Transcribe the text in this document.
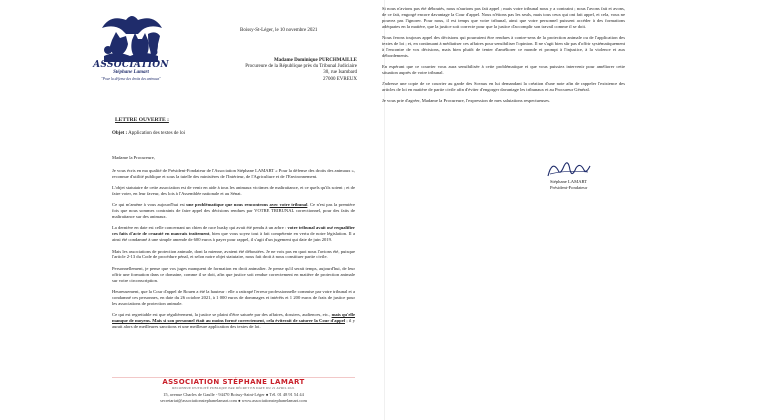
ASSOCIATION
Stéphane Lamart
"Pour la défense des droits des animaux"
Boissy-St-Léger, le 10 novembre 2021
Madame Dominique PURCHMAILLE
Procureure de la République près du Tribunal Judiciaire
30, rue Isambard
27000 EVREUX
LETTRE OUVERTE :
Objet : Application des textes de loi

Madame la Procureure,

Je vous écris en ma qualité de Président-Fondateur de l'Association Stéphane LAMART « Pour la défense des droits des animaux », reconnue d'utilité publique et sous la tutelle des ministères de l'Intérieur, de l'Agriculture et de l'Environnement.

L'objet statutaire de cette association est de venir en aide à tous les animaux victimes de maltraitance, et ce quels qu'ils soient ; et de faire voter, en leur faveur, des lois à l'Assemblée nationale et au Sénat.

Ce qui m'amène à vous aujourd'hui est une problématique que nous rencontrons avec votre tribunal. Ce n'est pas la première fois que nous sommes contraints de faire appel des décisions rendues par VOTRE TRIBUNAL correctionnel, pour des faits de maltraitance sur des animaux.

La dernière en date est celle concernant un chien de race husky qui avait été pendu à un arbre : votre tribunal avait osé requalifier ces faits d'acte de cruauté en mauvais traitement, bien que vous soyez tout à fait compétente en vertu de notre législation. Il a ainsi été condamné à une simple amende de 600 euros à payer pour rappel, il s'agit d'un jugement qui date de juin 2019.

Mais les associations de protection animale, dont la mienne, avaient été déboutées. Je ne vois pas en quoi nous l'avions été, puisque l'article 2-13 du Code de procédure pénal, et selon notre objet statutaire, nous fait droit à nous constituer partie civile.

Personnellement, je pense que vos juges manquent de formation en droit animalier. Je pense qu'il serait temps, aujourd'hui, de leur offrir une formation dans ce domaine, comme il se doit, afin que justice soit rendue correctement en matière de protection animale sur votre circonscription.

Heureusement, que la Cour d'appel de Rouen a été la hauteur : elle a rattrapé l'erreur professionnelle commise par votre tribunal et a condamné ces personnes, en date du 26 octobre 2021, à 1 000 euros de dommages et intérêts et 1 200 euros de frais de justice pour les associations de protection animale.

Ce qui est regrettable est que régulièrement, la justice se plaint d'être saturée par des affaires, dossiers, audiences, etc., mais qu'elle manque de moyens. Mais si son personnel était au moins formé correctement, cela éviterait de saturer la Cour d'appel ; il y aurait alors de meilleures sanctions et une meilleure application des textes de loi.

Si nous n'avions pas été déboutés, nous n'aurions pas fait appel ; mais votre tribunal nous y a contraint ; nous l'avons fait et avons, de ce fait, engorgé encore davantage la Cour d'appel. Nous n'étions pas les seuls, mais tous ceux qui ont fait appel, et cela, vous ne pouvez pas l'ignorer. Pour nous, il est temps que votre tribunal, ainsi que votre personnel puissent accéder à des formations adéquates en la matière, que la justice soit correcte pour que la justice d'accomplir son travail comme il se doit.

Nous ferons toujours appel des décisions qui pourraient être rendues à contre-sens de la protection animale ou de l'application des textes de loi ; et, en continuant à médiatiser ces affaires pour sensibiliser l'opinion. Il ne s'agit bien sûr pas d'offrir systématiquement à l'encontre de vos décisions, mais bien plutôt de tenter d'améliorer ce monde et prompt à l'injustice, à la violence et aux débordements.

En espérant que ce courrier vous aura sensibilisée à cette problématique et que vous puissiez intervenir pour améliorer cette situation auprès de votre tribunal.

J'adresse une copie de ce courrier au garde des Sceaux en lui demandant la création d'une note afin de rappeler l'existence des articles de loi en matière de partie civile afin d'éviter d'engorger davantage les tribunaux et au Procureur Général.

Je vous prie d'agréer, Madame la Procureure, l'expression de mes salutations respectueuses.

Stéphane LAMART
Président-Fondateur
ASSOCIATION STÉPHANE LAMART
RECONNUE D'UTILITÉ PUBLIQUE PAR DÉCRET EN DATE DU 21 AVRIL 2021
15, avenue Charles de Gaulle - 94470 Boissy-Saint-Léger ● Tél. 01 48 91 54 44
secretariat@associationstephanelamart.com ● www.associationstephanelamart.com
